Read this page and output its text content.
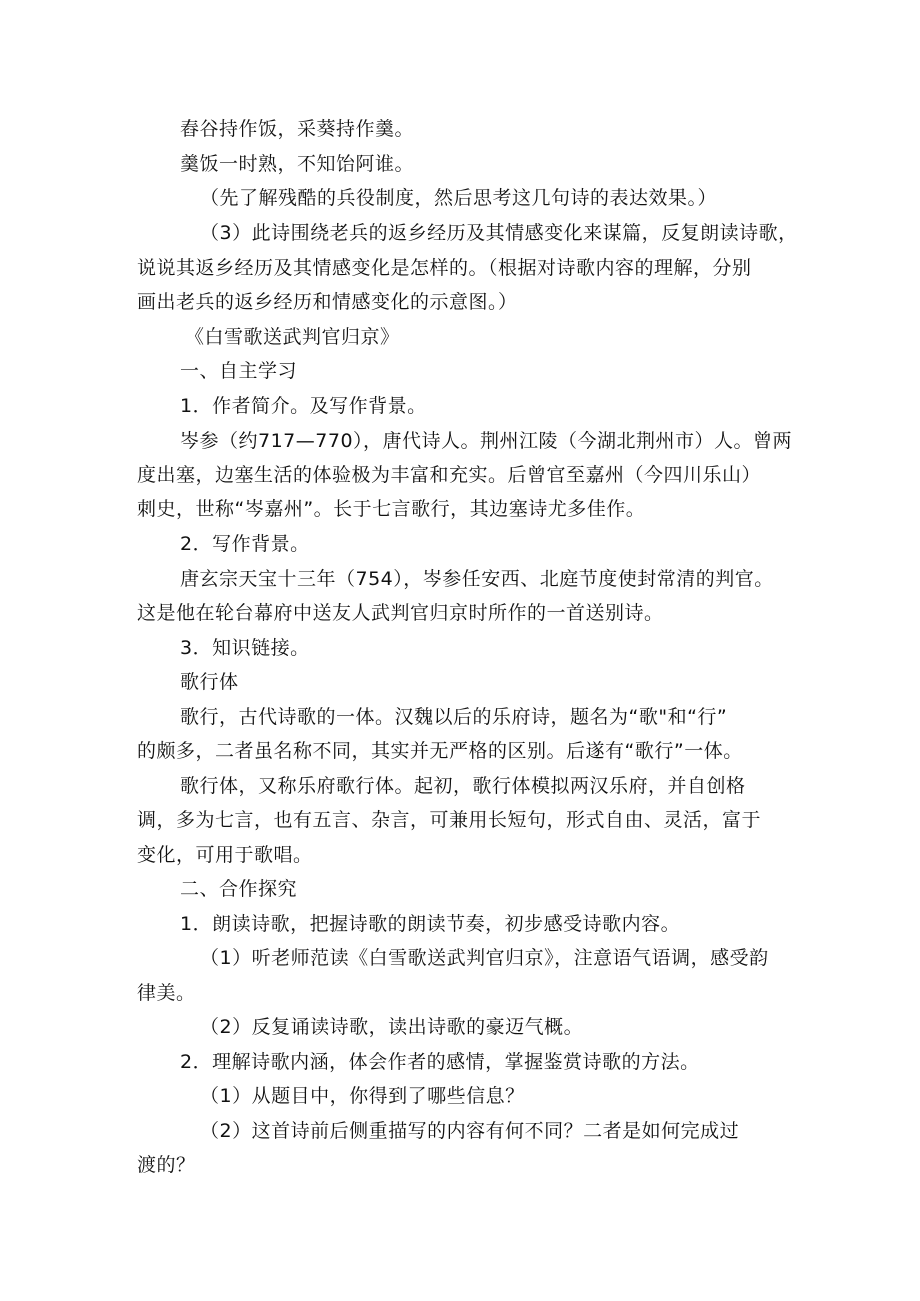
舂谷持作饭，采葵持作羹。
羹饭一时熟，不知饴阿谁。
（先了解残酷的兵役制度，然后思考这几句诗的表达效果。）
（3）此诗围绕老兵的返乡经历及其情感变化来谋篇，反复朗读诗歌，
说说其返乡经历及其情感变化是怎样的。（根据对诗歌内容的理解，分别
画出老兵的返乡经历和情感变化的示意图。）
《白雪歌送武判官归京》
一、自主学习
1．作者简介。及写作背景。
岑参（约717—770），唐代诗人。荆州江陵（今湖北荆州市）人。曾两
度出塞，边塞生活的体验极为丰富和充实。后曾官至嘉州（今四川乐山）
刺史，世称“岑嘉州”。长于七言歌行，其边塞诗尤多佳作。
2．写作背景。
唐玄宗天宝十三年（754），岑参任安西、北庭节度使封常清的判官。
这是他在轮台幕府中送友人武判官归京时所作的一首送别诗。
3．知识链接。
歌行体
歌行，古代诗歌的一体。汉魏以后的乐府诗，题名为“歌"和“行”
的颇多，二者虽名称不同，其实并无严格的区别。后遂有“歌行”一体。
歌行体，又称乐府歌行体。起初，歌行体模拟两汉乐府，并自创格
调，多为七言，也有五言、杂言，可兼用长短句，形式自由、灵活，富于
变化，可用于歌唱。
二、合作探究
1．朗读诗歌，把握诗歌的朗读节奏，初步感受诗歌内容。
（1）听老师范读《白雪歌送武判官归京》，注意语气语调，感受韵
律美。
（2）反复诵读诗歌，读出诗歌的豪迈气概。
2．理解诗歌内涵，体会作者的感情，掌握鉴赏诗歌的方法。
（1）从题目中，你得到了哪些信息？
（2）这首诗前后侧重描写的内容有何不同？二者是如何完成过
渡的？
